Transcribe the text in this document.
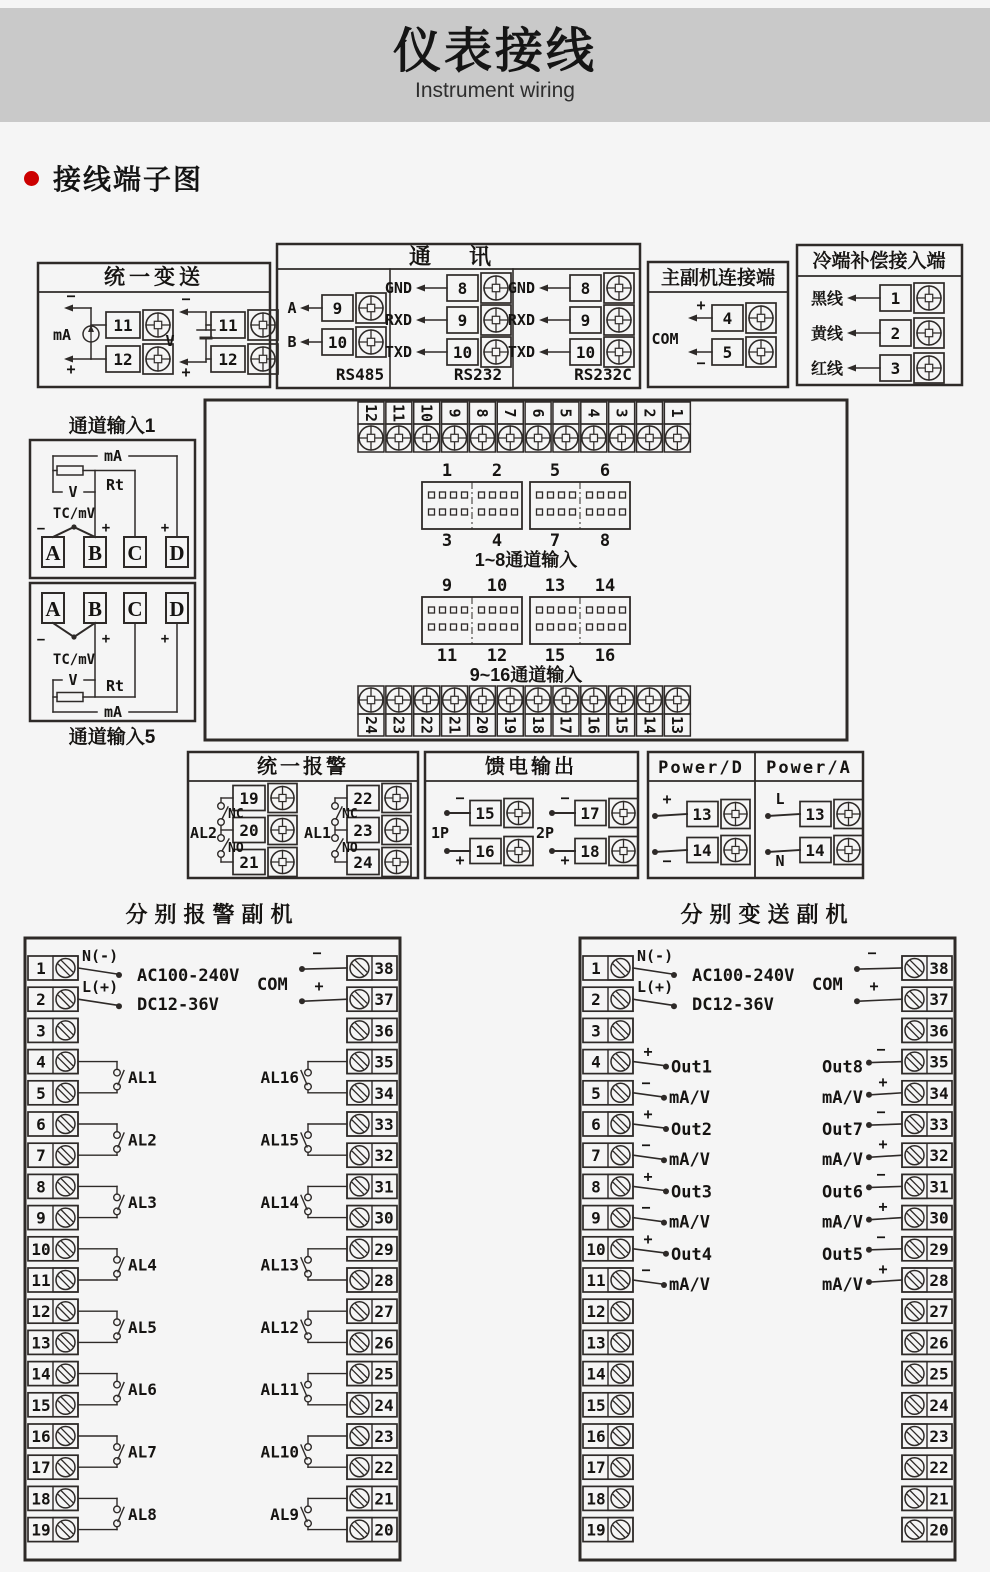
仪表接线
Instrument wiring
接线端子图
统一变送
mA
−
+
11
12
V
−
+
11
12
通 讯
A 9
B 10
RS485
GND	8
RXD	9
TXD	10
RS232
GND	8
RXD	9
TXD	10
RS232C
主副机连接端
COM
+
4
−
5
冷端补偿接入端
黑线	1
黄线	2
红线	3
通道输入1
A B C D
mA
Rt
V
TC/mV
−	+	+
通道输入5
A B C D
−	+	+
TC/mV
V Rt
mA
12 11 10 9 8 7 6 5 4 3 2 1
24 23 22 21 20 19 18 17 16 15 14 13
1 2
3 4
5 6
7 8
1~8通道输入
9 10
11 12
13 14
15 16
9~16通道输入
统一报警
AL2
19
20
21
NC
NO
AL1
22
23
24
NC
NO
馈电输出
1P
−
15
+ 16
2P
−
17
+ 18
Power/D
+
13
−
14
Power/A
L
13
N
14
分别报警副机
1
2
3
4
5
6
7
8
9
10
11
12
13
14
15
16
17
18
19
38
37
36
35
34
33
32
31
30
29
28
27
26
25
24
23
22
21
20
N(-)
L(+)
AC100-240V
DC12-36V
COM
−
+
AL1
AL2
AL3
AL4
AL5
AL6
AL7
AL8
AL16
AL15
AL14
AL13
AL12
AL11
AL10
AL9
分别变送副机
1
2
3
4
5
6
7
8
9
10
11
12
13
14
15
16
17
18
19
38
37
36
35
34
33
32
31
30
29
28
27
26
25
24
23
22
21
20
N(-)
L(+)
AC100-240V
DC12-36V
COM
−
+
+
Out1
−
mA/V
+
Out2
−
mA/V
+
Out3
−
mA/V
+
Out4
−
mA/V
−
Out8
+
mA/V
−
Out7
+
mA/V
−
Out6
+
mA/V
−
Out5
+
mA/V
